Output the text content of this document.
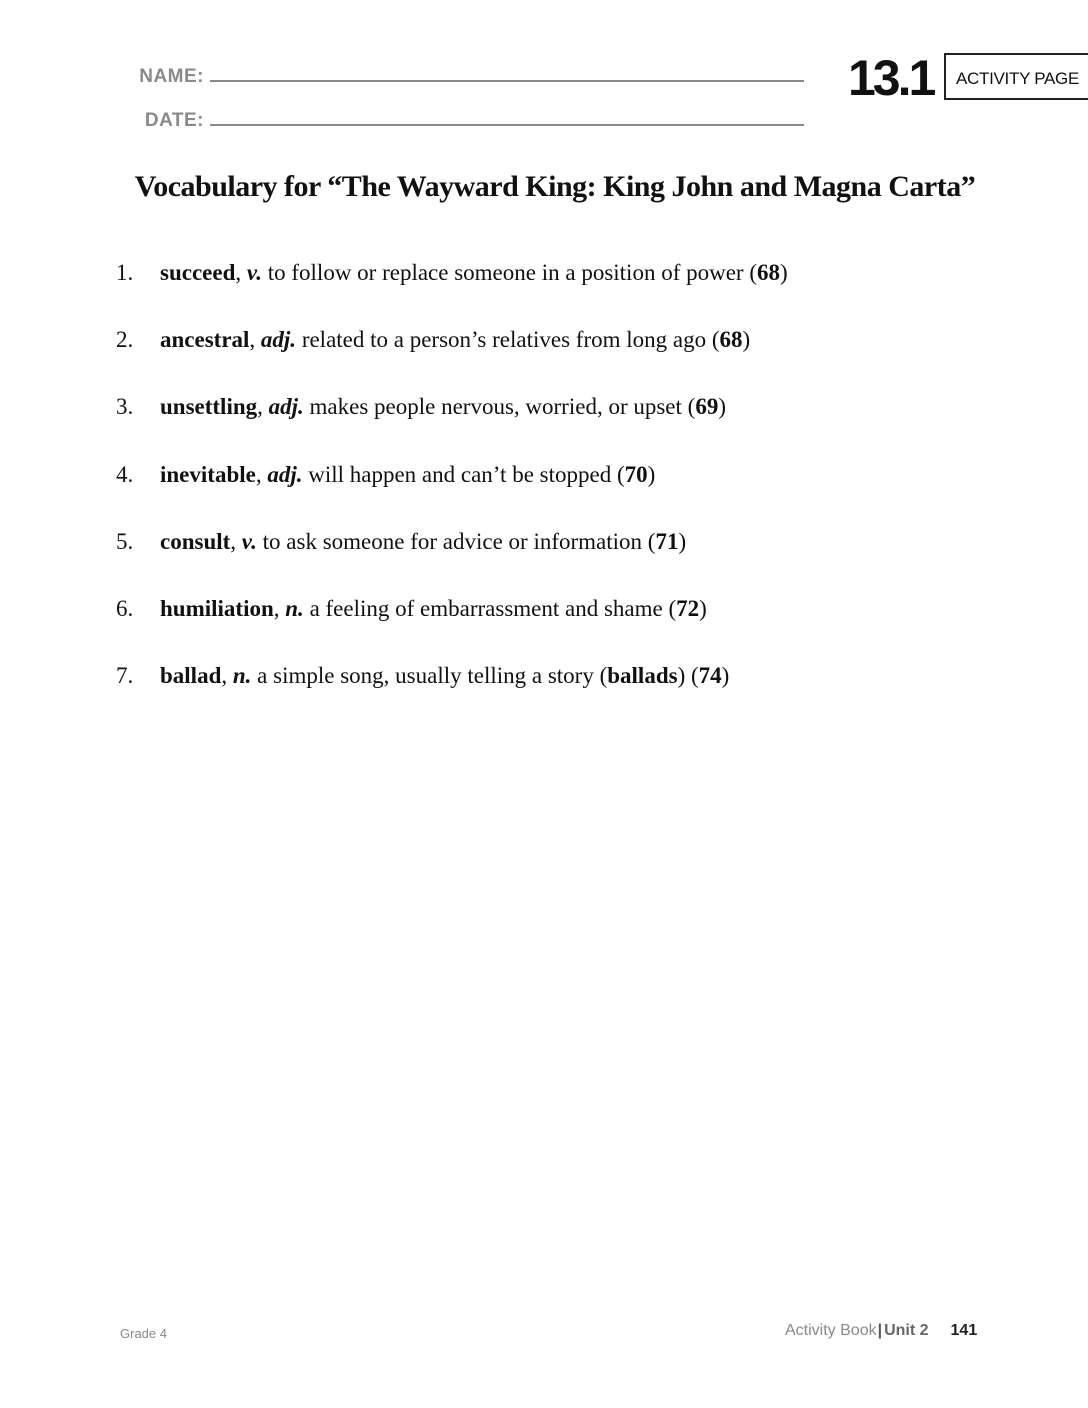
NAME:
DATE:
13.1	ACTIVITY PAGE
Vocabulary for “The Wayward King: King John and Magna Carta”
1. succeed, v. to follow or replace someone in a position of power (68)
2. ancestral, adj. related to a person’s relatives from long ago (68)
3. unsettling, adj. makes people nervous, worried, or upset (69)
4. inevitable, adj. will happen and can’t be stopped (70)
5. consult, v. to ask someone for advice or information (71)
6. humiliation, n. a feeling of embarrassment and shame (72)
7. ballad, n. a simple song, usually telling a story (ballads) (74)
Grade 4	Activity Book| Unit 2 141
